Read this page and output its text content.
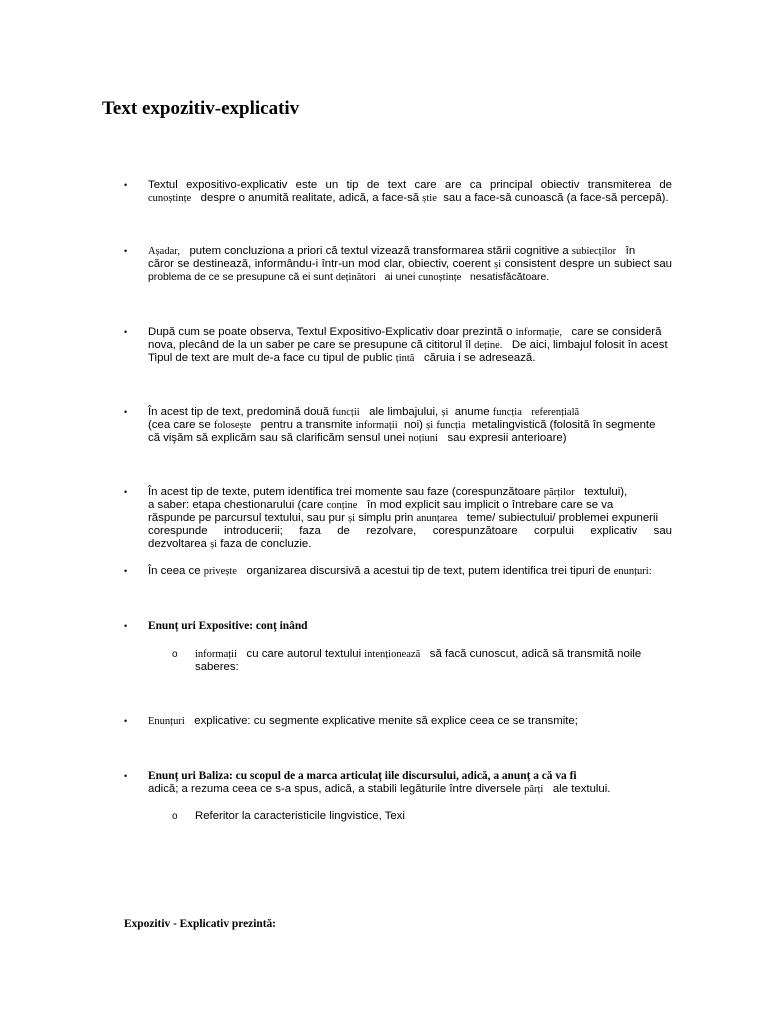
Text expozitiv-explicativ
• Textul expositivo-explicativ este un tip de text care are ca principal obiectiv transmiterea de
cunoștințe   despre o anumită realitate, adică, a face-să știe  sau a face-să cunoască (a face-să percepă).
• Așadar,   putem concluziona a priori că textul vizează transformarea stării cognitive a subiecților   în
căror se destinează, informându-i într-un mod clar, obiectiv, coerent și consistent despre un subiect sau
problema de ce se presupune că ei sunt deținători   ai unei cunoștințe   nesatisfăcătoare.
• După cum se poate observa, Textul Expositivo-Explicativ doar prezintă o informație,   care se consideră
nova, plecând de la un saber pe care se presupune că cititorul îl deține.   De aici, limbajul folosit în acest
Tipul de text are mult de-a face cu tipul de public țintă   căruia i se adresează.
• În acest tip de text, predomină două funcții   ale limbajului, și  anume funcția referențială
(cea care se folosește   pentru a transmite informații  noi) și funcția  metalingvistică (folosită în segmente
că vişăm să explicăm sau să clarificăm sensul unei noțiuni   sau expresii anterioare)
• În acest tip de texte, putem identifica trei momente sau faze (corespunzătoare părților   textului),
a saber: etapa chestionarului (care conține   în mod explicit sau implicit o întrebare care se va
răspunde pe parcursul textului, sau pur și simplu prin anunțarea   teme/ subiectului/ problemei expunerii
corespunde introducerii; faza de rezolvare, corespunzătoare corpului explicativ sau
dezvoltarea și faza de concluzie.
• În ceea ce privește   organizarea discursivă a acestui tip de text, putem identifica trei tipuri de enunțuri:
• Enunț uri Expositive: conț inând
o informații   cu care autorul textului intenționează   să facă cunoscut, adică să transmită noile
saberes:
• Enunțuri   explicative: cu segmente explicative menite să explice ceea ce se transmite;
• Enunț uri Baliza: cu scopul de a marca articulaț iile discursului, adică, a anunț a că va fi
adică; a rezuma ceea ce s-a spus, adică, a stabili legăturile între diversele părți   ale textului.
o Referitor la caracteristicile lingvistice, Texi
Expozitiv - Explicativ prezintă:
